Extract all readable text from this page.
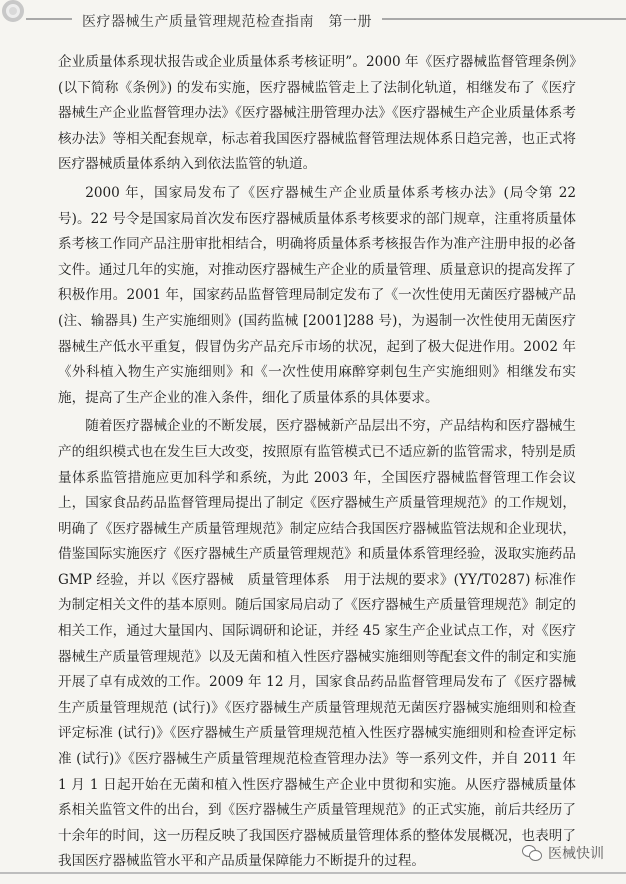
医疗器械生产质量管理规范检查指南　第一册

企业质量体系现状报告或企业质量体系考核证明”。2000 年《医疗器械监督管理条例》(以下简称《条例》) 的发布实施，医疗器械监管走上了法制化轨道，相继发布了《医疗器械生产企业监督管理办法》《医疗器械注册管理办法》《医疗器械生产企业质量体系考核办法》等相关配套规章，标志着我国医疗器械监督管理法规体系日趋完善，也正式将医疗器械质量体系纳入到依法监管的轨道。

2000 年，国家局发布了《医疗器械生产企业质量体系考核办法》(局令第 22 号)。22 号令是国家局首次发布医疗器械质量体系考核要求的部门规章，注重将质量体系考核工作同产品注册审批相结合，明确将质量体系考核报告作为准产注册申报的必备文件。通过几年的实施，对推动医疗器械生产企业的质量管理、质量意识的提高发挥了积极作用。2001 年，国家药品监督管理局制定发布了《一次性使用无菌医疗器械产品 (注、输器具) 生产实施细则》(国药监械 [2001]288 号)，为遏制一次性使用无菌医疗器械生产低水平重复，假冒伪劣产品充斥市场的状况，起到了极大促进作用。2002 年《外科植入物生产实施细则》和《一次性使用麻醉穿刺包生产实施细则》相继发布实施，提高了生产企业的准入条件，细化了质量体系的具体要求。

随着医疗器械企业的不断发展，医疗器械新产品层出不穷，产品结构和医疗器械生产的组织模式也在发生巨大改变，按照原有监管模式已不适应新的监管需求，特别是质量体系监管措施应更加科学和系统，为此 2003 年，全国医疗器械监督管理工作会议上，国家食品药品监督管理局提出了制定《医疗器械生产质量管理规范》的工作规划，明确了《医疗器械生产质量管理规范》制定应结合我国医疗器械监管法规和企业现状，借鉴国际实施医疗《医疗器械生产质量管理规范》和质量体系管理经验，汲取实施药品 GMP 经验，并以《医疗器械　质量管理体系　用于法规的要求》(YY/T0287) 标准作为制定相关文件的基本原则。随后国家局启动了《医疗器械生产质量管理规范》制定的相关工作，通过大量国内、国际调研和论证，并经 45 家生产企业试点工作，对《医疗器械生产质量管理规范》以及无菌和植入性医疗器械实施细则等配套文件的制定和实施开展了卓有成效的工作。2009 年 12 月，国家食品药品监督管理局发布了《医疗器械生产质量管理规范 (试行)》《医疗器械生产质量管理规范无菌医疗器械实施细则和检查评定标准 (试行)》《医疗器械生产质量管理规范植入性医疗器械实施细则和检查评定标准 (试行)》《医疗器械生产质量管理规范检查管理办法》等一系列文件，并自 2011 年 1 月 1 日起开始在无菌和植入性医疗器械生产企业中贯彻和实施。从医疗器械质量体系相关监管文件的出台，到《医疗器械生产质量管理规范》的正式实施，前后共经历了十余年的时间，这一历程反映了我国医疗器械质量管理体系的整体发展概况，也表明了我国医疗器械监管水平和产品质量保障能力不断提升的过程。	医械快训
